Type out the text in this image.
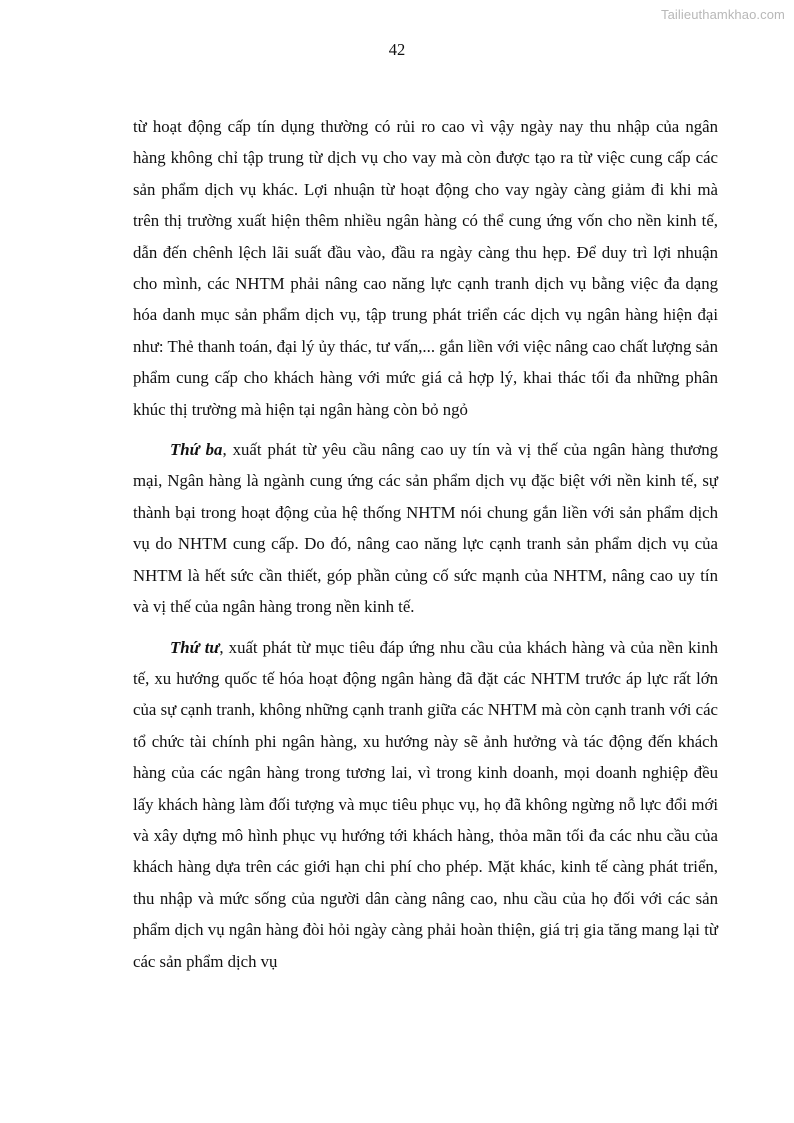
Tailieuthamkhao.com
42

từ hoạt động cấp tín dụng thường có rủi ro cao vì vậy ngày nay thu nhập của ngân hàng không chỉ tập trung từ dịch vụ cho vay mà còn được tạo ra từ việc cung cấp các sản phẩm dịch vụ khác. Lợi nhuận từ hoạt động cho vay ngày càng giảm đi khi mà trên thị trường xuất hiện thêm nhiều ngân hàng có thể cung ứng vốn cho nền kinh tế, dẫn đến chênh lệch lãi suất đầu vào, đầu ra ngày càng thu hẹp. Để duy trì lợi nhuận cho mình, các NHTM phải nâng cao năng lực cạnh tranh dịch vụ bằng việc đa dạng hóa danh mục sản phẩm dịch vụ, tập trung phát triển các dịch vụ ngân hàng hiện đại như: Thẻ thanh toán, đại lý ủy thác, tư vấn,... gắn liền với việc nâng cao chất lượng sản phẩm cung cấp cho khách hàng với mức giá cả hợp lý, khai thác tối đa những phân khúc thị trường mà hiện tại ngân hàng còn bỏ ngỏ

Thứ ba, xuất phát từ yêu cầu nâng cao uy tín và vị thế của ngân hàng thương mại, Ngân hàng là ngành cung ứng các sản phẩm dịch vụ đặc biệt với nền kinh tế, sự thành bại trong hoạt động của hệ thống NHTM nói chung gắn liền với sản phẩm dịch vụ do NHTM cung cấp. Do đó, nâng cao năng lực cạnh tranh sản phẩm dịch vụ của NHTM là hết sức cần thiết, góp phần củng cố sức mạnh của NHTM, nâng cao uy tín và vị thế của ngân hàng trong nền kinh tế.

Thứ tư, xuất phát từ mục tiêu đáp ứng nhu cầu của khách hàng và của nền kinh tế, xu hướng quốc tế hóa hoạt động ngân hàng đã đặt các NHTM trước áp lực rất lớn của sự cạnh tranh, không những cạnh tranh giữa các NHTM mà còn cạnh tranh với các tổ chức tài chính phi ngân hàng, xu hướng này sẽ ảnh hưởng và tác động đến khách hàng của các ngân hàng trong tương lai, vì trong kinh doanh, mọi doanh nghiệp đều lấy khách hàng làm đối tượng và mục tiêu phục vụ, họ đã không ngừng nỗ lực đổi mới và xây dựng mô hình phục vụ hướng tới khách hàng, thỏa mãn tối đa các nhu cầu của khách hàng dựa trên các giới hạn chi phí cho phép. Mặt khác, kinh tế càng phát triển, thu nhập và mức sống của người dân càng nâng cao, nhu cầu của họ đối với các sản phẩm dịch vụ ngân hàng đòi hỏi ngày càng phải hoàn thiện, giá trị gia tăng mang lại từ các sản phẩm dịch vụ
